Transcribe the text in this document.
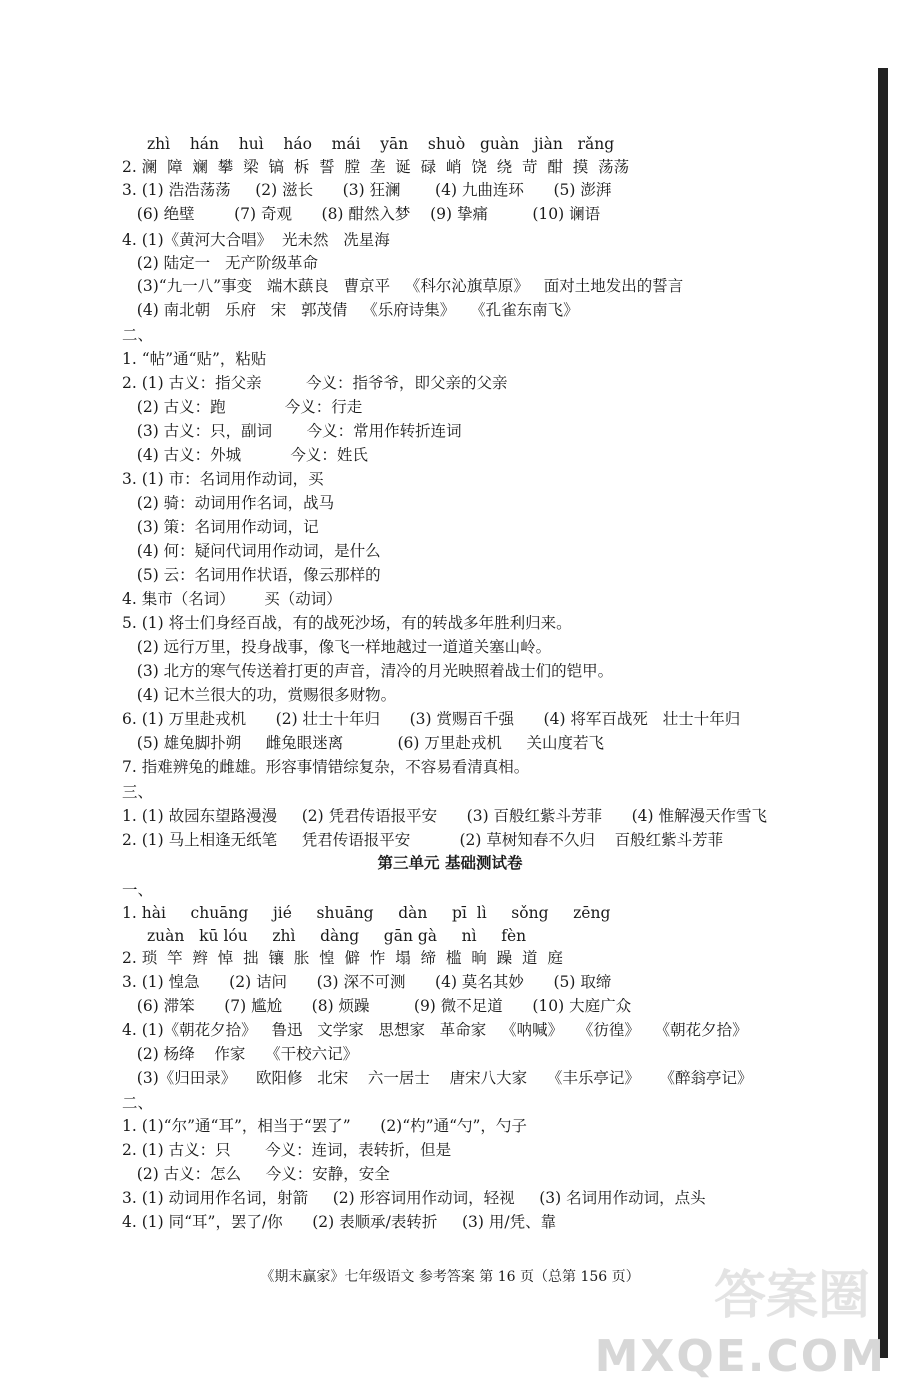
zhì    hán    huì    háo    mái    yān    shuò   guàn   jiàn   rǎng
2. 澜  障  斓  攀  梁  镐  柝  誓  膛  垄  诞  碌  峭  饶  绕  苛  酣  摸  荡荡
3. (1) 浩浩荡荡     (2) 滋长      (3) 狂澜       (4) 九曲连环      (5) 澎湃
(6) 绝壁        (7) 奇观      (8) 酣然入梦    (9) 挚痛         (10) 谰语
4. (1)《黄河大合唱》  光未然   冼星海
(2) 陆定一   无产阶级革命
(3)“九一八”事变   端木蕻良   曹京平   《科尔沁旗草原》   面对土地发出的誓言
(4) 南北朝   乐府   宋   郭茂倩   《乐府诗集》   《孔雀东南飞》
二、
1. “帖”通“贴”，粘贴
2. (1) 古义：指父亲         今义：指爷爷，即父亲的父亲
(2) 古义：跑            今义：行走
(3) 古义：只，副词       今义：常用作转折连词
(4) 古义：外城          今义：姓氏
3. (1) 市：名词用作动词，买
(2) 骑：动词用作名词，战马
(3) 策：名词用作动词，记
(4) 何：疑问代词用作动词，是什么
(5) 云：名词用作状语，像云那样的
4. 集市（名词）      买（动词）
5. (1) 将士们身经百战，有的战死沙场，有的转战多年胜利归来。
(2) 远行万里，投身战事，像飞一样地越过一道道关塞山岭。
(3) 北方的寒气传送着打更的声音，清冷的月光映照着战士们的铠甲。
(4) 记木兰很大的功，赏赐很多财物。
6. (1) 万里赴戎机      (2) 壮士十年归      (3) 赏赐百千强      (4) 将军百战死   壮士十年归
(5) 雄兔脚扑朔     雌兔眼迷离           (6) 万里赴戎机     关山度若飞
7. 指难辨兔的雌雄。形容事情错综复杂，不容易看清真相。
三、
1. (1) 故园东望路漫漫     (2) 凭君传语报平安      (3) 百般红紫斗芳菲      (4) 惟解漫天作雪飞
2. (1) 马上相逢无纸笔     凭君传语报平安          (2) 草树知春不久归    百般红紫斗芳菲
一、
1. hài     chuāng     jié     shuāng     dàn     pī  lì     sǒng     zēng
zuàn   kū lóu     zhì     dàng     gān gà     nì     fèn
2. 琐  竿  辫  悼  拙  镶  胀  惶  僻  怍  塌  缔  槛  晌  躁  道  庭
3. (1) 惶急      (2) 诘问      (3) 深不可测      (4) 莫名其妙      (5) 取缔
(6) 滞笨      (7) 尴尬      (8) 烦躁         (9) 微不足道      (10) 大庭广众
4. (1)《朝花夕拾》   鲁迅   文学家   思想家   革命家   《呐喊》   《彷徨》   《朝花夕拾》
(2) 杨绛    作家    《干校六记》
(3)《归田录》    欧阳修   北宋    六一居士    唐宋八大家    《丰乐亭记》    《醉翁亭记》
二、
1. (1)“尔”通“耳”，相当于“罢了”      (2)“杓”通“勺”，勺子
2. (1) 古义：只       今义：连词，表转折，但是
(2) 古义：怎么     今义：安静，安全
3. (1) 动词用作名词，射箭     (2) 形容词用作动词，轻视     (3) 名词用作动词，点头
4. (1) 同“耳”，罢了/你      (2) 表顺承/表转折     (3) 用/凭、靠
第三单元 基础测试卷
《期末赢家》七年级语文 参考答案 第 16 页（总第 156 页）	答案圈
MXQE.COM
